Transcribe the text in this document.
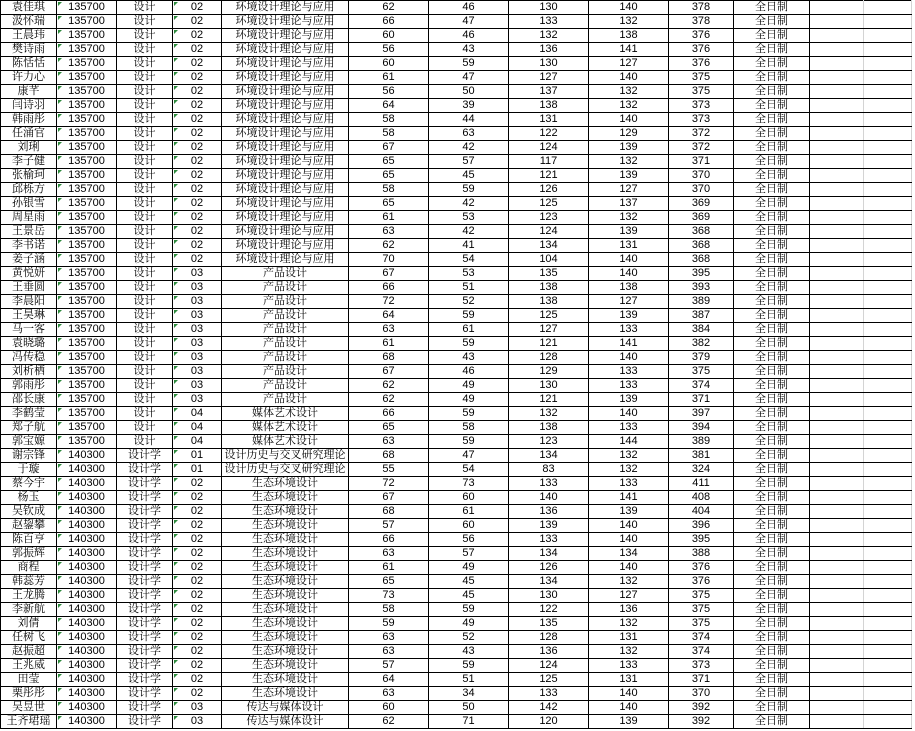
袁佳琪	135700	设计	02	环境设计理论与应用	62	46	130	140	378	全日制		
汲怀瑞	135700	设计	02	环境设计理论与应用	66	47	133	132	378	全日制		
王晨玮	135700	设计	02	环境设计理论与应用	60	46	132	138	376	全日制		
樊诗雨	135700	设计	02	环境设计理论与应用	56	43	136	141	376	全日制		
陈恬恬	135700	设计	02	环境设计理论与应用	60	59	130	127	376	全日制		
许力心	135700	设计	02	环境设计理论与应用	61	47	127	140	375	全日制		
康芊	135700	设计	02	环境设计理论与应用	56	50	137	132	375	全日制		
闫诗羽	135700	设计	02	环境设计理论与应用	64	39	138	132	373	全日制		
韩雨彤	135700	设计	02	环境设计理论与应用	58	44	131	140	373	全日制		
任涌官	135700	设计	02	环境设计理论与应用	58	63	122	129	372	全日制		
刘琍	135700	设计	02	环境设计理论与应用	67	42	124	139	372	全日制		
李子健	135700	设计	02	环境设计理论与应用	65	57	117	132	371	全日制		
张榆珂	135700	设计	02	环境设计理论与应用	65	45	121	139	370	全日制		
邱栎方	135700	设计	02	环境设计理论与应用	58	59	126	127	370	全日制		
孙银雪	135700	设计	02	环境设计理论与应用	65	42	125	137	369	全日制		
周星雨	135700	设计	02	环境设计理论与应用	61	53	123	132	369	全日制		
王景岳	135700	设计	02	环境设计理论与应用	63	42	124	139	368	全日制		
李书诺	135700	设计	02	环境设计理论与应用	62	41	134	131	368	全日制		
姜子涵	135700	设计	02	环境设计理论与应用	70	54	104	140	368	全日制		
黄悦妍	135700	设计	03	产品设计	67	53	135	140	395	全日制		
王垂圆	135700	设计	03	产品设计	66	51	138	138	393	全日制		
李晨阳	135700	设计	03	产品设计	72	52	138	127	389	全日制		
王昊琳	135700	设计	03	产品设计	64	59	125	139	387	全日制		
马一客	135700	设计	03	产品设计	63	61	127	133	384	全日制		
袁晓璐	135700	设计	03	产品设计	61	59	121	141	382	全日制		
冯传稳	135700	设计	03	产品设计	68	43	128	140	379	全日制		
刘析栖	135700	设计	03	产品设计	67	46	129	133	375	全日制		
郭雨彤	135700	设计	03	产品设计	62	49	130	133	374	全日制		
邵长康	135700	设计	03	产品设计	62	49	121	139	371	全日制		
李鹤莹	135700	设计	04	媒体艺术设计	66	59	132	140	397	全日制		
郑子航	135700	设计	04	媒体艺术设计	65	58	138	133	394	全日制		
郭宝嫄	135700	设计	04	媒体艺术设计	63	59	123	144	389	全日制		
谢宗锋	140300	设计学	01	设计历史与交叉研究理论	68	47	134	132	381	全日制		
于璇	140300	设计学	01	设计历史与交叉研究理论	55	54	83	132	324	全日制		
蔡今宇	140300	设计学	02	生态环境设计	72	73	133	133	411	全日制		
杨玉	140300	设计学	02	生态环境设计	67	60	140	141	408	全日制		
吴钦成	140300	设计学	02	生态环境设计	68	61	136	139	404	全日制		
赵鋆攀	140300	设计学	02	生态环境设计	57	60	139	140	396	全日制		
陈百亨	140300	设计学	02	生态环境设计	66	56	133	140	395	全日制		
郭振辉	140300	设计学	02	生态环境设计	63	57	134	134	388	全日制		
商程	140300	设计学	02	生态环境设计	61	49	126	140	376	全日制		
韩蕊芳	140300	设计学	02	生态环境设计	65	45	134	132	376	全日制		
王龙腾	140300	设计学	02	生态环境设计	73	45	130	127	375	全日制		
李新航	140300	设计学	02	生态环境设计	58	59	122	136	375	全日制		
刘倩	140300	设计学	02	生态环境设计	59	49	135	132	375	全日制		
任树飞	140300	设计学	02	生态环境设计	63	52	128	131	374	全日制		
赵振超	140300	设计学	02	生态环境设计	63	43	136	132	374	全日制		
王兆威	140300	设计学	02	生态环境设计	57	59	124	133	373	全日制		
田莹	140300	设计学	02	生态环境设计	64	51	125	131	371	全日制		
栗彤彤	140300	设计学	02	生态环境设计	63	34	133	140	370	全日制		
吴昱世	140300	设计学	03	传达与媒体设计	60	50	142	140	392	全日制		
王齐珺瑶	140300	设计学	03	传达与媒体设计	62	71	120	139	392	全日制		
